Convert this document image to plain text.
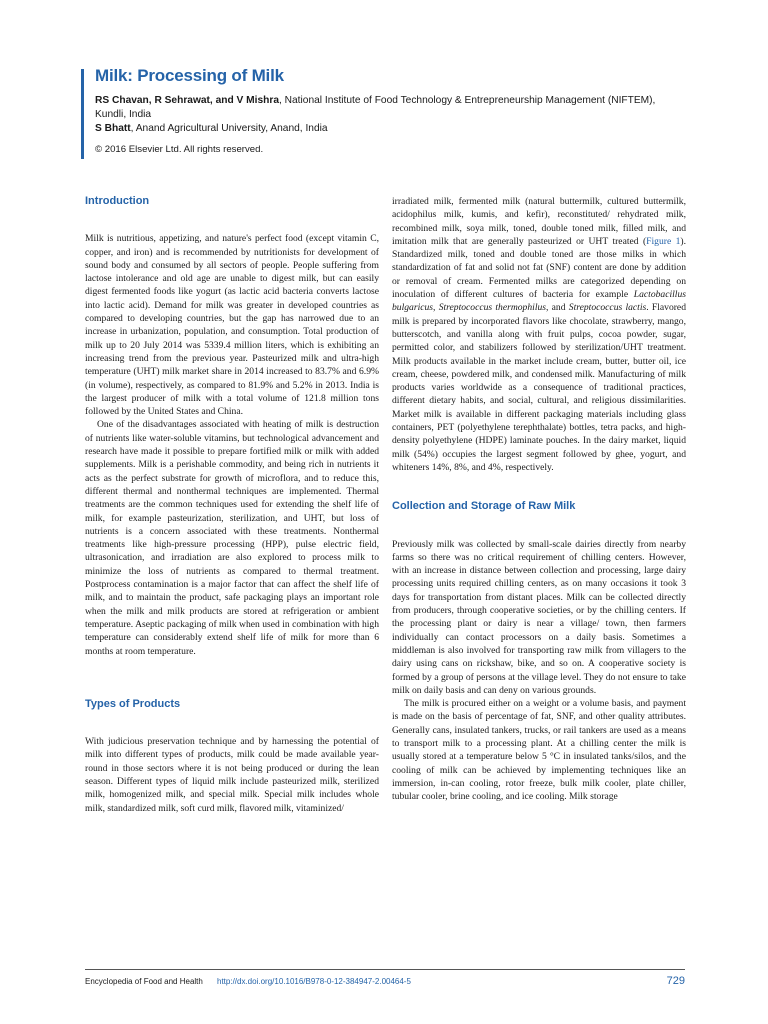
Milk: Processing of Milk
RS Chavan, R Sehrawat, and V Mishra, National Institute of Food Technology & Entrepreneurship Management (NIFTEM),
Kundli, India
S Bhatt, Anand Agricultural University, Anand, India
© 2016 Elsevier Ltd. All rights reserved.
Introduction

Milk is nutritious, appetizing, and nature's perfect food (except vitamin C, copper, and iron) and is recommended by nutritionists for development of sound body and consumed by all sectors of people. People suffering from lactose intolerance and old age are unable to digest milk, but can easily digest fermented foods like yogurt (as lactic acid bacteria converts lactose into lactic acid). Demand for milk was greater in developed countries as compared to developing countries, but the gap has narrowed due to an increase in urbanization, population, and consumption. Total production of milk up to 20 July 2014 was 5339.4 million liters, which is exhibiting an increasing trend from the previous year. Pasteurized milk and ultra-high temperature (UHT) milk market share in 2014 increased to 83.7% and 6.9% (in volume), respectively, as compared to 81.9% and 5.2% in 2013. India is the largest producer of milk with a total volume of 121.8 million tons followed by the United States and China.

One of the disadvantages associated with heating of milk is destruction of nutrients like water-soluble vitamins, but technological advancement and research have made it possible to prepare fortified milk or milk with added supplements. Milk is a perishable commodity, and being rich in nutrients it acts as the perfect substrate for growth of microflora, and to reduce this, different thermal and nonthermal techniques are implemented. Thermal treatments are the common techniques used for extending the shelf life of milk, for example pasteurization, sterilization, and UHT, but loss of nutrients is a concern associated with these treatments. Nonthermal treatments like high-pressure processing (HPP), pulse electric field, ultrasonication, and irradiation are also explored to process milk to minimize the loss of nutrients as compared to thermal treatment. Postprocess contamination is a major factor that can affect the shelf life of milk, and to maintain the product, safe packaging plays an important role when the milk and milk products are stored at refrigeration or ambient temperature. Aseptic packaging of milk when used in combination with high temperature can considerably extend shelf life of milk for more than 6 months at room temperature.

Types of Products

With judicious preservation technique and by harnessing the potential of milk into different types of products, milk could be made available year-round in those sectors where it is not being produced or during the lean season. Different types of liquid milk include pasteurized milk, sterilized milk, homogenized milk, and special milk. Special milk includes whole milk, standardized milk, soft curd milk, flavored milk, vitaminized/

irradiated milk, fermented milk (natural buttermilk, cultured buttermilk, acidophilus milk, kumis, and kefir), reconstituted/ rehydrated milk, recombined milk, soya milk, toned, double toned milk, filled milk, and imitation milk that are generally pasteurized or UHT treated (Figure 1). Standardized milk, toned and double toned are those milks in which standardization of fat and solid not fat (SNF) content are done by addition or removal of cream. Fermented milks are categorized depending on inoculation of different cultures of bacteria for example Lactobacillus bulgaricus, Streptococcus thermophilus, and Streptococcus lactis. Flavored milk is prepared by incorporated flavors like chocolate, strawberry, mango, butterscotch, and vanilla along with fruit pulps, cocoa powder, sugar, permitted color, and stabilizers followed by sterilization/UHT treatment. Milk products available in the market include cream, butter, butter oil, ice cream, cheese, powdered milk, and condensed milk. Manufacturing of milk products varies worldwide as a consequence of traditional practices, different dietary habits, and social, cultural, and religious dissimilarities. Market milk is available in different packaging materials including glass containers, PET (polyethylene terephthalate) bottles, tetra packs, and high-density polyethylene (HDPE) laminate pouches. In the dairy market, liquid milk (54%) occupies the largest segment followed by ghee, yogurt, and whiteners 14%, 8%, and 4%, respectively.

Collection and Storage of Raw Milk

Previously milk was collected by small-scale dairies directly from nearby farms so there was no critical requirement of chilling centers. However, with an increase in distance between collection and processing, large dairy processing units required chilling centers, as on many occasions it took 3 days for transportation from distant places. Milk can be collected directly from producers, through cooperative societies, or by the chilling centers. If the processing plant or dairy is near a village/ town, then farmers individually can contact processors on a daily basis. Sometimes a middleman is also involved for transporting raw milk from villagers to the dairy using cans on rickshaw, bike, and so on. A cooperative society is formed by a group of persons at the village level. They do not ensure to take milk on daily basis and can deny on various grounds.

The milk is procured either on a weight or a volume basis, and payment is made on the basis of percentage of fat, SNF, and other quality attributes. Generally cans, insulated tankers, trucks, or rail tankers are used as a means to transport milk to a processing plant. At a chilling center the milk is usually stored at a temperature below 5 °C in insulated tanks/silos, and the cooling of milk can be achieved by implementing techniques like an immersion, in-can cooling, rotor freeze, bulk milk cooler, plate chiller, tubular cooler, brine cooling, and ice cooling. Milk storage

Encyclopedia of Food and Health http://dx.doi.org/10.1016/B978-0-12-384947-2.00464-5	729
